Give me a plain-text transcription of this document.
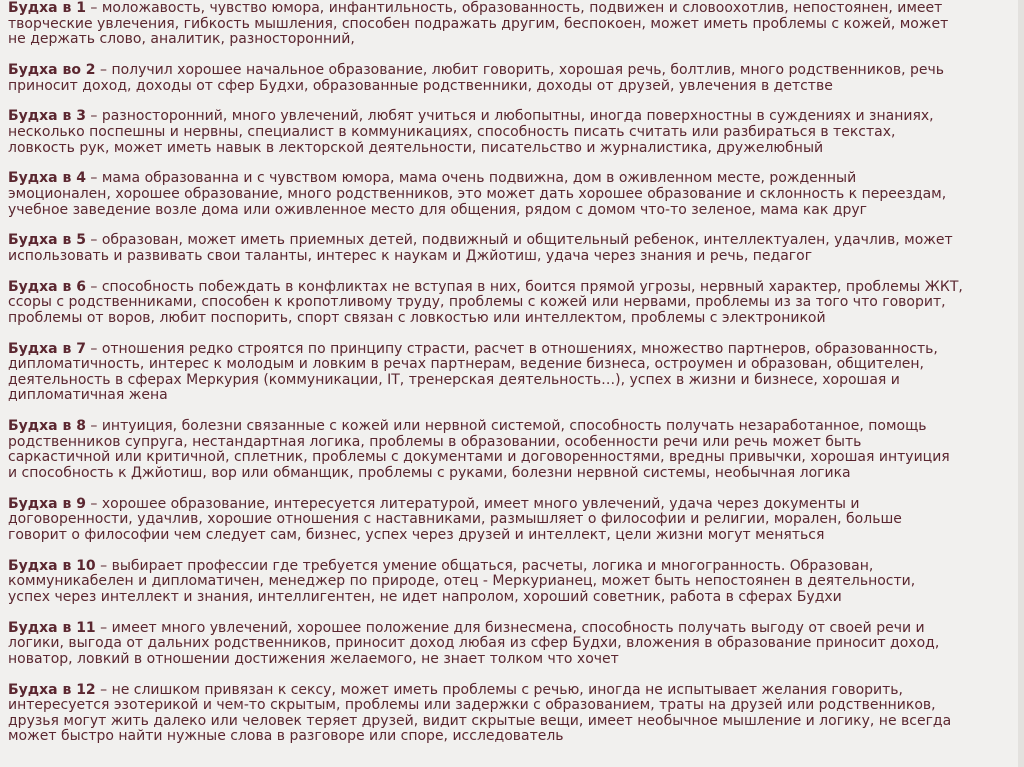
Будха в 1 – моложавость, чувство юмора, инфантильность, образованность, подвижен и словоохотлив, непостоянен, имеет
творческие увлечения, гибкость мышления, способен подражать другим, беспокоен, может иметь проблемы с кожей, может
не держать слово, аналитик, разносторонний,

Будха во 2 – получил хорошее начальное образование, любит говорить, хорошая речь, болтлив, много родственников, речь
приносит доход, доходы от сфер Будхи, образованные родственники, доходы от друзей, увлечения в детстве

Будха в 3 – разносторонний, много увлечений, любят учиться и любопытны, иногда поверхностны в суждениях и знаниях,
несколько поспешны и нервны, специалист в коммуникациях, способность писать считать или разбираться в текстах,
ловкость рук, может иметь навык в лекторской деятельности, писательство и журналистика, дружелюбный

Будха в 4 – мама образованна и с чувством юмора, мама очень подвижна, дом в оживленном месте, рожденный
эмоционален, хорошее образование, много родственников, это может дать хорошее образование и склонность к переездам,
учебное заведение возле дома или оживленное место для общения, рядом с домом что-то зеленое, мама как друг

Будха в 5 – образован, может иметь приемных детей, подвижный и общительный ребенок, интеллектуален, удачлив, может
использовать и развивать свои таланты, интерес к наукам и Джйотиш, удача через знания и речь, педагог

Будха в 6 – способность побеждать в конфликтах не вступая в них, боится прямой угрозы, нервный характер, проблемы ЖКТ,
ссоры с родственниками, способен к кропотливому труду, проблемы с кожей или нервами, проблемы из за того что говорит,
проблемы от воров, любит поспорить, спорт связан с ловкостью или интеллектом, проблемы с электроникой

Будха в 7 – отношения редко строятся по принципу страсти, расчет в отношениях, множество партнеров, образованность,
дипломатичность, интерес к молодым и ловким в речах партнерам, ведение бизнеса, остроумен и образован, общителен,
деятельность в сферах Меркурия (коммуникации, IT, тренерская деятельность…), успех в жизни и бизнесе, хорошая и
дипломатичная жена

Будха в 8 – интуиция, болезни связанные с кожей или нервной системой, способность получать незаработанное, помощь
родственников супруга, нестандартная логика, проблемы в образовании, особенности речи или речь может быть
саркастичной или критичной, сплетник, проблемы с документами и договоренностями, вредны привычки, хорошая интуиция
и способность к Джйотиш, вор или обманщик, проблемы с руками, болезни нервной системы, необычная логика

Будха в 9 – хорошее образование, интересуется литературой, имеет много увлечений, удача через документы и
договоренности, удачлив, хорошие отношения с наставниками, размышляет о философии и религии, морален, больше
говорит о философии чем следует сам, бизнес, успех через друзей и интеллект, цели жизни могут меняться

Будха в 10 – выбирает профессии где требуется умение общаться, расчеты, логика и многогранность. Образован,
коммуникабелен и дипломатичен, менеджер по природе, отец - Меркурианец, может быть непостоянен в деятельности,
успех через интеллект и знания, интеллигентен, не идет напролом, хороший советник, работа в сферах Будхи

Будха в 11 – имеет много увлечений, хорошее положение для бизнесмена, способность получать выгоду от своей речи и
логики, выгода от дальних родственников, приносит доход любая из сфер Будхи, вложения в образование приносит доход,
новатор, ловкий в отношении достижения желаемого, не знает толком что хочет

Будха в 12 – не слишком привязан к сексу, может иметь проблемы с речью, иногда не испытывает желания говорить,
интересуется эзотерикой и чем-то скрытым, проблемы или задержки с образованием, траты на друзей или родственников,
друзья могут жить далеко или человек теряет друзей, видит скрытые вещи, имеет необычное мышление и логику, не всегда
может быстро найти нужные слова в разговоре или споре, исследователь
